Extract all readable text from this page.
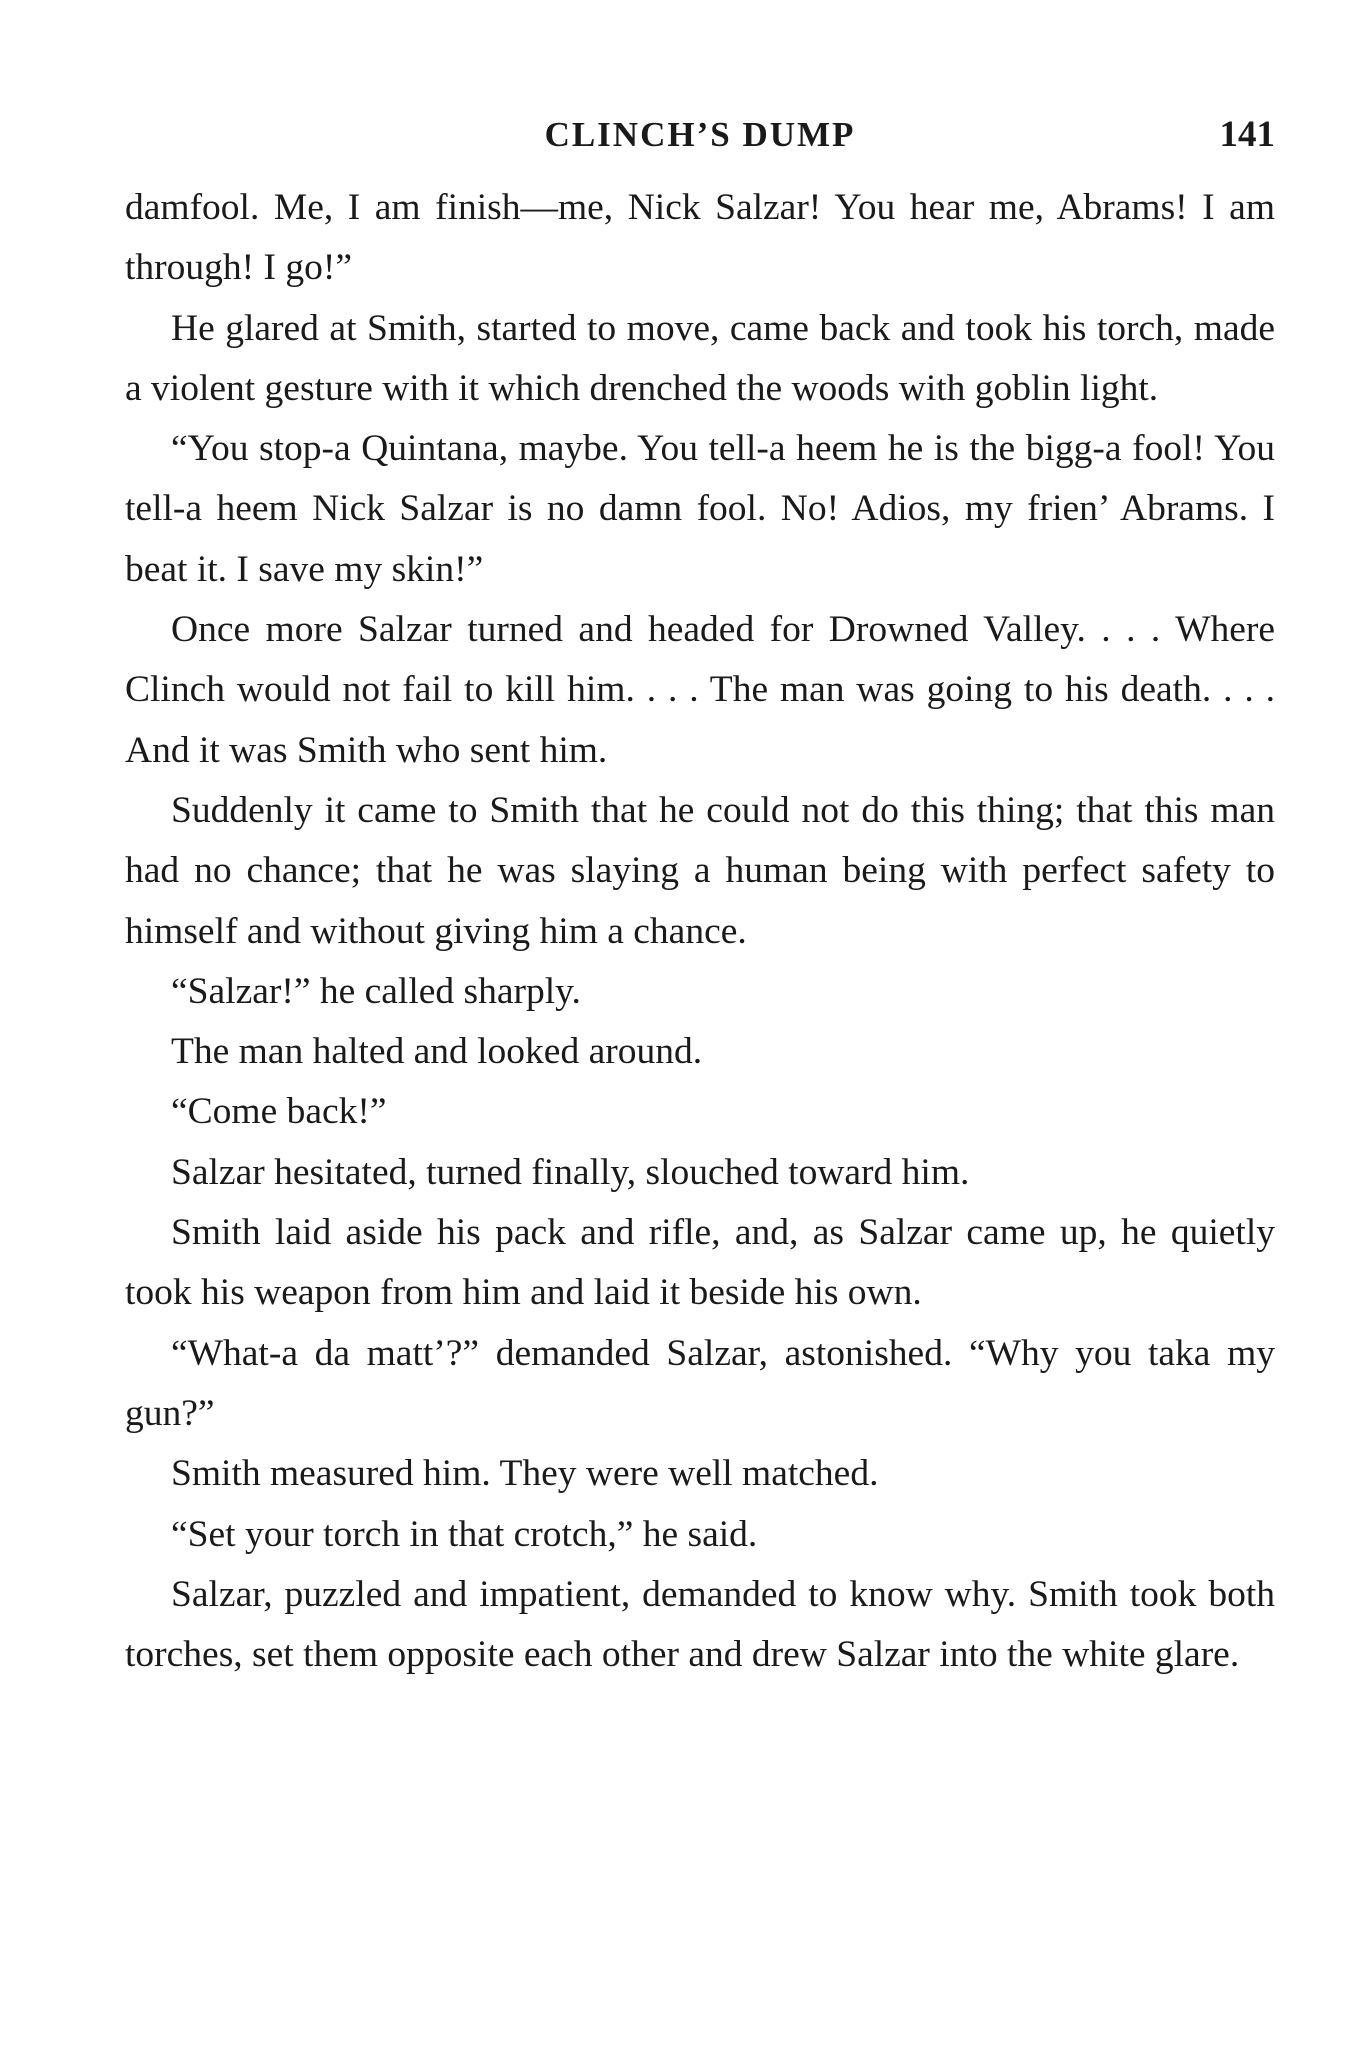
CLINCH’S DUMP	141

damfool. Me, I am finish—me, Nick Salzar! You hear me, Abrams! I am through! I go!”

He glared at Smith, started to move, came back and took his torch, made a violent gesture with it which drenched the woods with goblin light.

“You stop-a Quintana, maybe. You tell-a heem he is the bigg-a fool! You tell-a heem Nick Salzar is no damn fool. No! Adios, my frien’ Abrams. I beat it. I save my skin!”

Once more Salzar turned and headed for Drowned Valley. . . . Where Clinch would not fail to kill him. . . . The man was going to his death. . . . And it was Smith who sent him.

Suddenly it came to Smith that he could not do this thing; that this man had no chance; that he was slaying a human being with perfect safety to himself and without giving him a chance.

“Salzar!” he called sharply.

The man halted and looked around.

“Come back!”

Salzar hesitated, turned finally, slouched toward him.

Smith laid aside his pack and rifle, and, as Salzar came up, he quietly took his weapon from him and laid it beside his own.

“What-a da matt’?” demanded Salzar, astonished. “Why you taka my gun?”

Smith measured him. They were well matched.

“Set your torch in that crotch,” he said.

Salzar, puzzled and impatient, demanded to know why. Smith took both torches, set them opposite each other and drew Salzar into the white glare.
